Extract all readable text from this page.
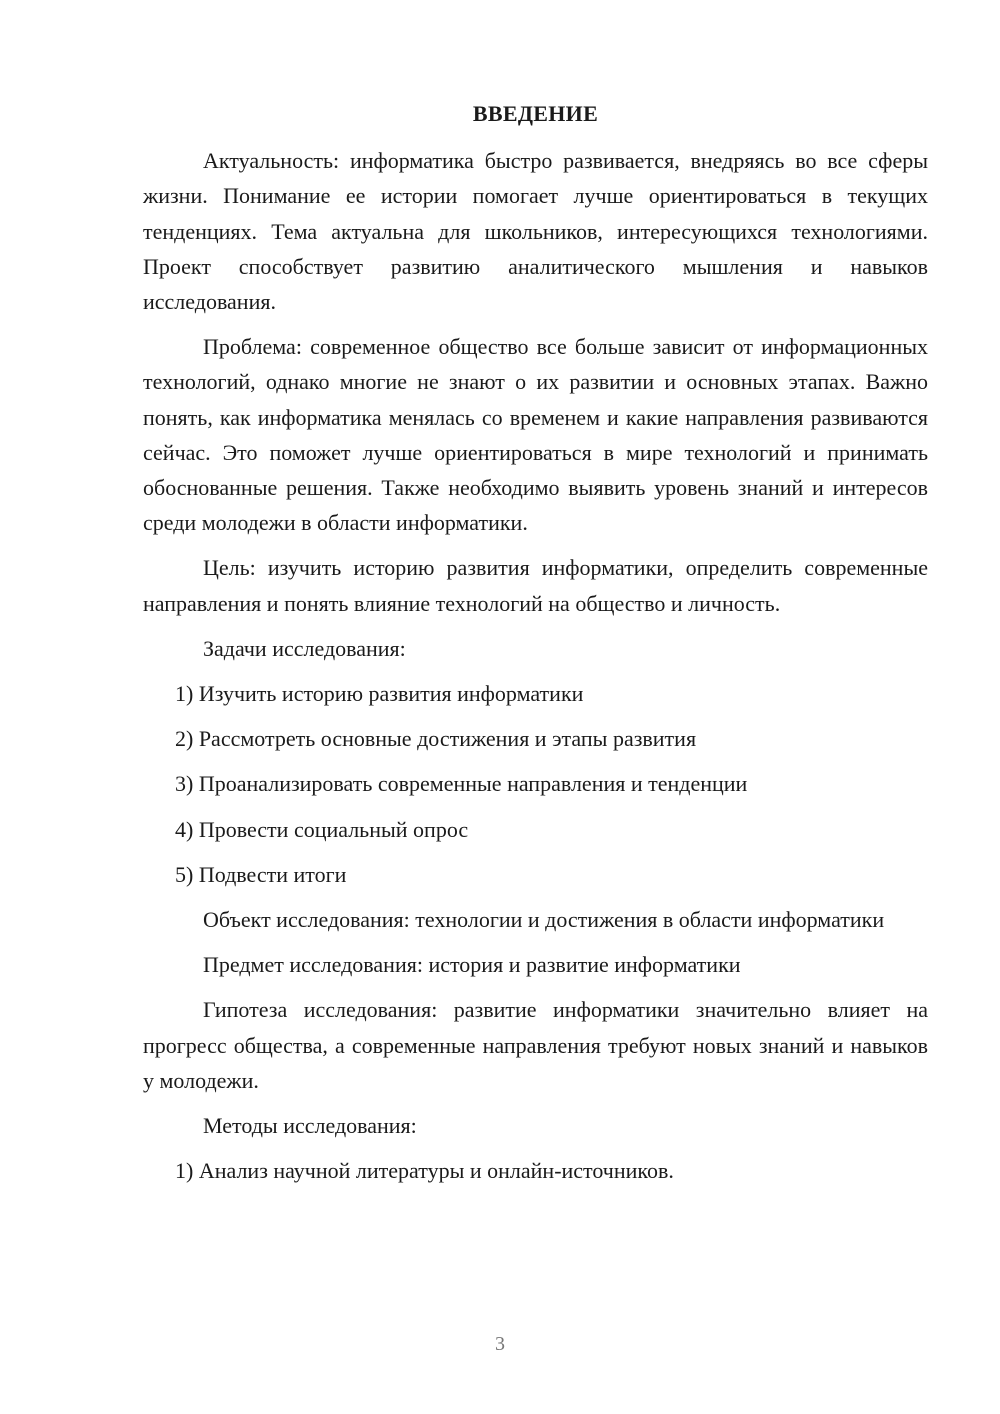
ВВЕДЕНИЕ

Актуальность: информатика быстро развивается, внедряясь во все сферы жизни. Понимание ее истории помогает лучше ориентироваться в текущих тенденциях. Тема актуальна для школьников, интересующихся технологиями. Проект способствует развитию аналитического мышления и навыков исследования.

Проблема: современное общество все больше зависит от информационных технологий, однако многие не знают о их развитии и основных этапах. Важно понять, как информатика менялась со временем и какие направления развиваются сейчас. Это поможет лучше ориентироваться в мире технологий и принимать обоснованные решения. Также необходимо выявить уровень знаний и интересов среди молодежи в области информатики.

Цель: изучить историю развития информатики, определить современные направления и понять влияние технологий на общество и личность.

Задачи исследования:

1) Изучить историю развития информатики

2) Рассмотреть основные достижения и этапы развития

3) Проанализировать современные направления и тенденции

4) Провести социальный опрос

5) Подвести итоги

Объект исследования: технологии и достижения в области информатики

Предмет исследования: история и развитие информатики

Гипотеза исследования: развитие информатики значительно влияет на прогресс общества, а современные направления требуют новых знаний и навыков у молодежи.

Методы исследования:

1) Анализ научной литературы и онлайн-источников.

3
